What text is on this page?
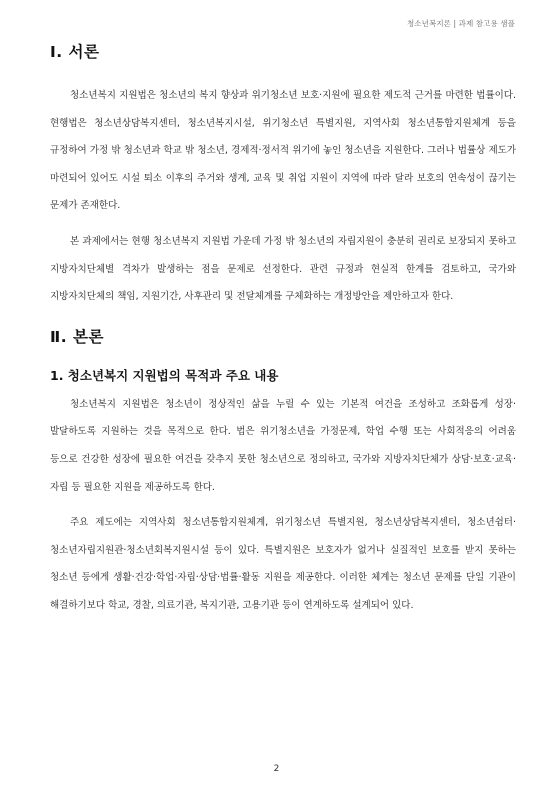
청소년복지론 | 과제 참고용 샘플
Ⅰ. 서론

청소년복지 지원법은 청소년의 복지 향상과 위기청소년 보호·지원에 필요한 제도적 근거를 마련한 법률이다. 현행법은 청소년상담복지센터, 청소년복지시설, 위기청소년 특별지원, 지역사회 청소년통합지원체계 등을 규정하여 가정 밖 청소년과 학교 밖 청소년, 경제적·정서적 위기에 놓인 청소년을 지원한다. 그러나 법률상 제도가 마련되어 있어도 시설 퇴소 이후의 주거와 생계, 교육 및 취업 지원이 지역에 따라 달라 보호의 연속성이 끊기는 문제가 존재한다.

본 과제에서는 현행 청소년복지 지원법 가운데 가정 밖 청소년의 자립지원이 충분히 권리로 보장되지 못하고 지방자치단체별 격차가 발생하는 점을 문제로 선정한다. 관련 규정과 현실적 한계를 검토하고, 국가와 지방자치단체의 책임, 지원기간, 사후관리 및 전달체계를 구체화하는 개정방안을 제안하고자 한다.

Ⅱ. 본론
1. 청소년복지 지원법의 목적과 주요 내용

청소년복지 지원법은 청소년이 정상적인 삶을 누릴 수 있는 기본적 여건을 조성하고 조화롭게 성장·발달하도록 지원하는 것을 목적으로 한다. 법은 위기청소년을 가정문제, 학업 수행 또는 사회적응의 어려움 등으로 건강한 성장에 필요한 여건을 갖추지 못한 청소년으로 정의하고, 국가와 지방자치단체가 상담·보호·교육·자립 등 필요한 지원을 제공하도록 한다.

주요 제도에는 지역사회 청소년통합지원체계, 위기청소년 특별지원, 청소년상담복지센터, 청소년쉼터·청소년자립지원관·청소년회복지원시설 등이 있다. 특별지원은 보호자가 없거나 실질적인 보호를 받지 못하는 청소년 등에게 생활·건강·학업·자립·상담·법률·활동 지원을 제공한다. 이러한 체계는 청소년 문제를 단일 기관이 해결하기보다 학교, 경찰, 의료기관, 복지기관, 고용기관 등이 연계하도록 설계되어 있다.

2
